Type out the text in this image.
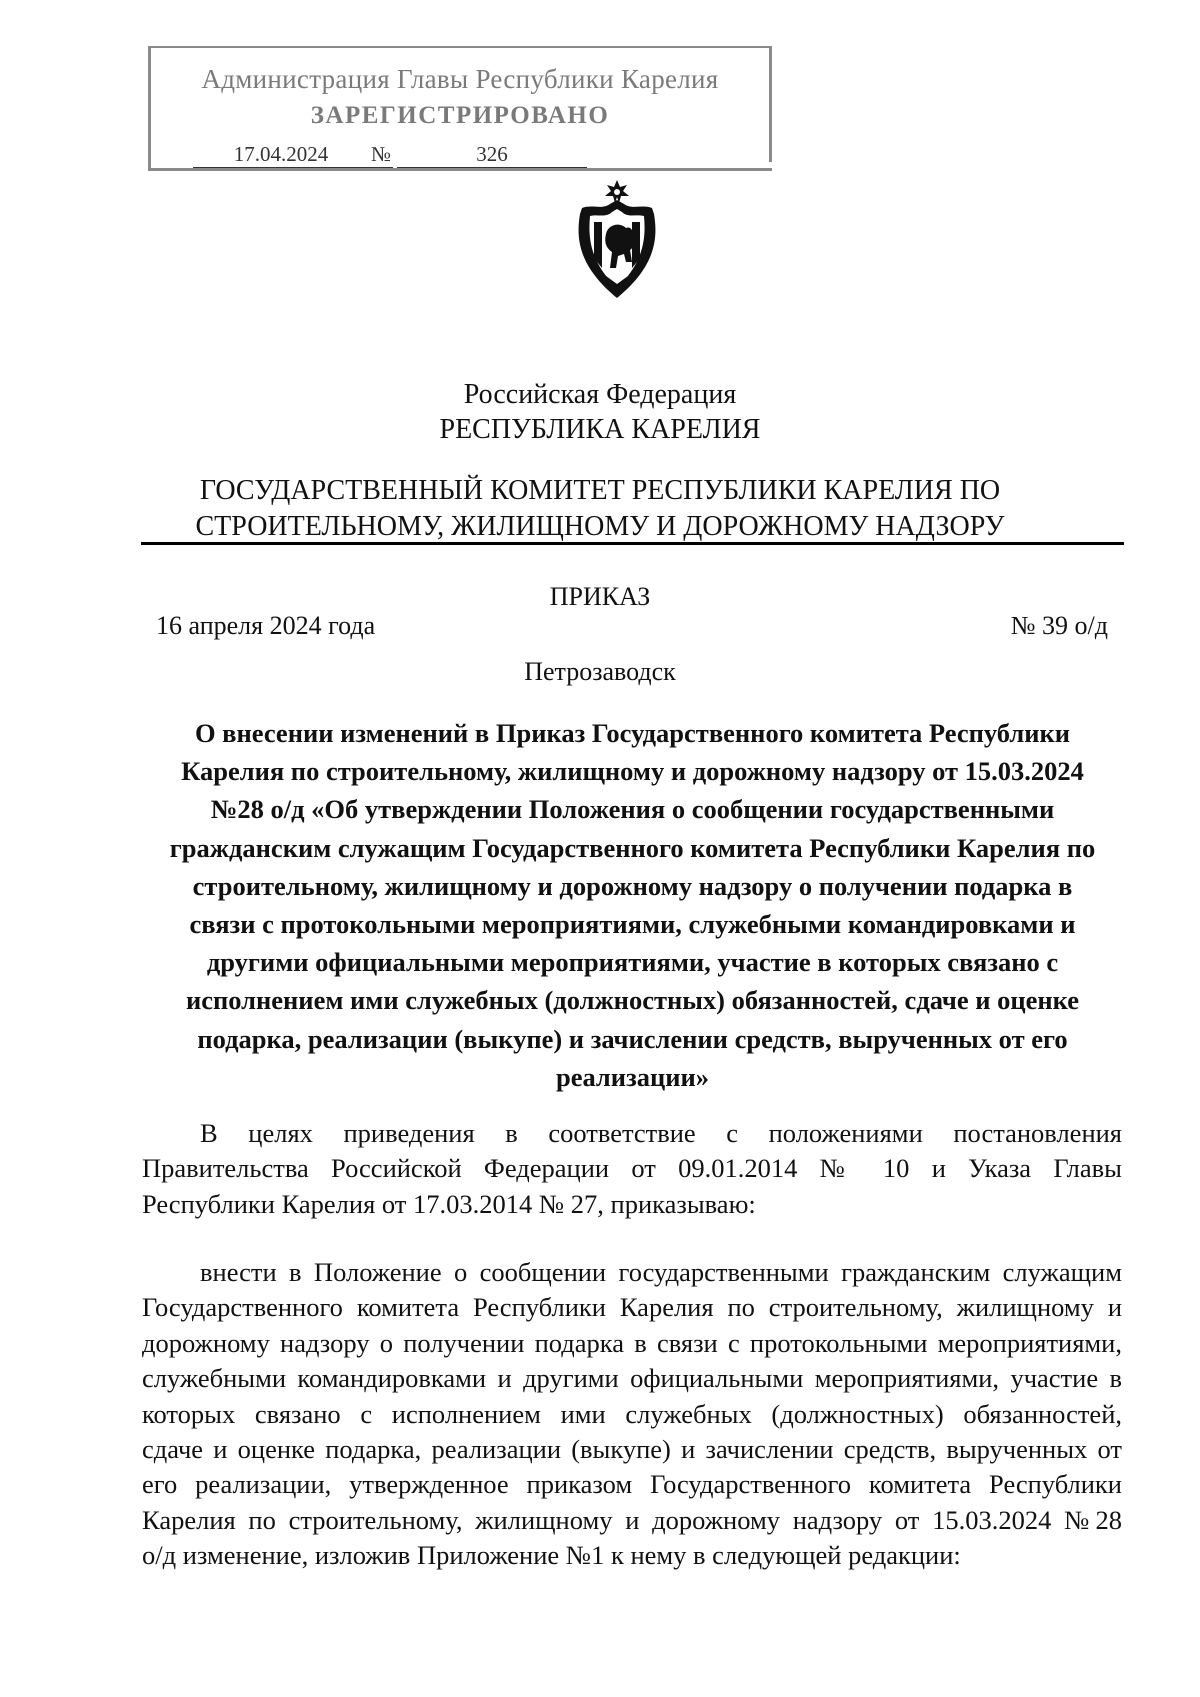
Администрация Главы Республики Карелия
ЗАРЕГИСТРИРОВАНО
17.04.2024 №	326
Российская Федерация
РЕСПУБЛИКА КАРЕЛИЯ
ГОСУДАРСТВЕННЫЙ КОМИТЕТ РЕСПУБЛИКИ КАРЕЛИЯ ПО
СТРОИТЕЛЬНОМУ, ЖИЛИЩНОМУ И ДОРОЖНОМУ НАДЗОРУ
ПРИКАЗ
16 апреля 2024 года	№ 39 о/д
Петрозаводск
О внесении изменений в Приказ Государственного комитета Республики
Карелия по строительному, жилищному и дорожному надзору от 15.03.2024
№28 о/д «Об утверждении Положения о сообщении государственными
гражданским служащим Государственного комитета Республики Карелия по
строительному, жилищному и дорожному надзору о получении подарка в
связи с протокольными мероприятиями, служебными командировками и
другими официальными мероприятиями, участие в которых связано с
исполнением ими служебных (должностных) обязанностей, сдаче и оценке
подарка, реализации (выкупе) и зачислении средств, вырученных от его
реализации»
В целях приведения в соответствие с положениями постановления
Правительства Российской Федерации от 09.01.2014 № 10 и Указа Главы
Республики Карелия от 17.03.2014 № 27, приказываю:
внести в Положение о сообщении государственными гражданским служащим
Государственного комитета Республики Карелия по строительному, жилищному и
дорожному надзору о получении подарка в связи с протокольными мероприятиями,
служебными командировками и другими официальными мероприятиями, участие в
которых связано с исполнением ими служебных (должностных) обязанностей,
сдаче и оценке подарка, реализации (выкупе) и зачислении средств, вырученных от
его реализации, утвержденное приказом Государственного комитета Республики
Карелия по строительному, жилищному и дорожному надзору от 15.03.2024 №28
о/д изменение, изложив Приложение №1 к нему в следующей редакции:
